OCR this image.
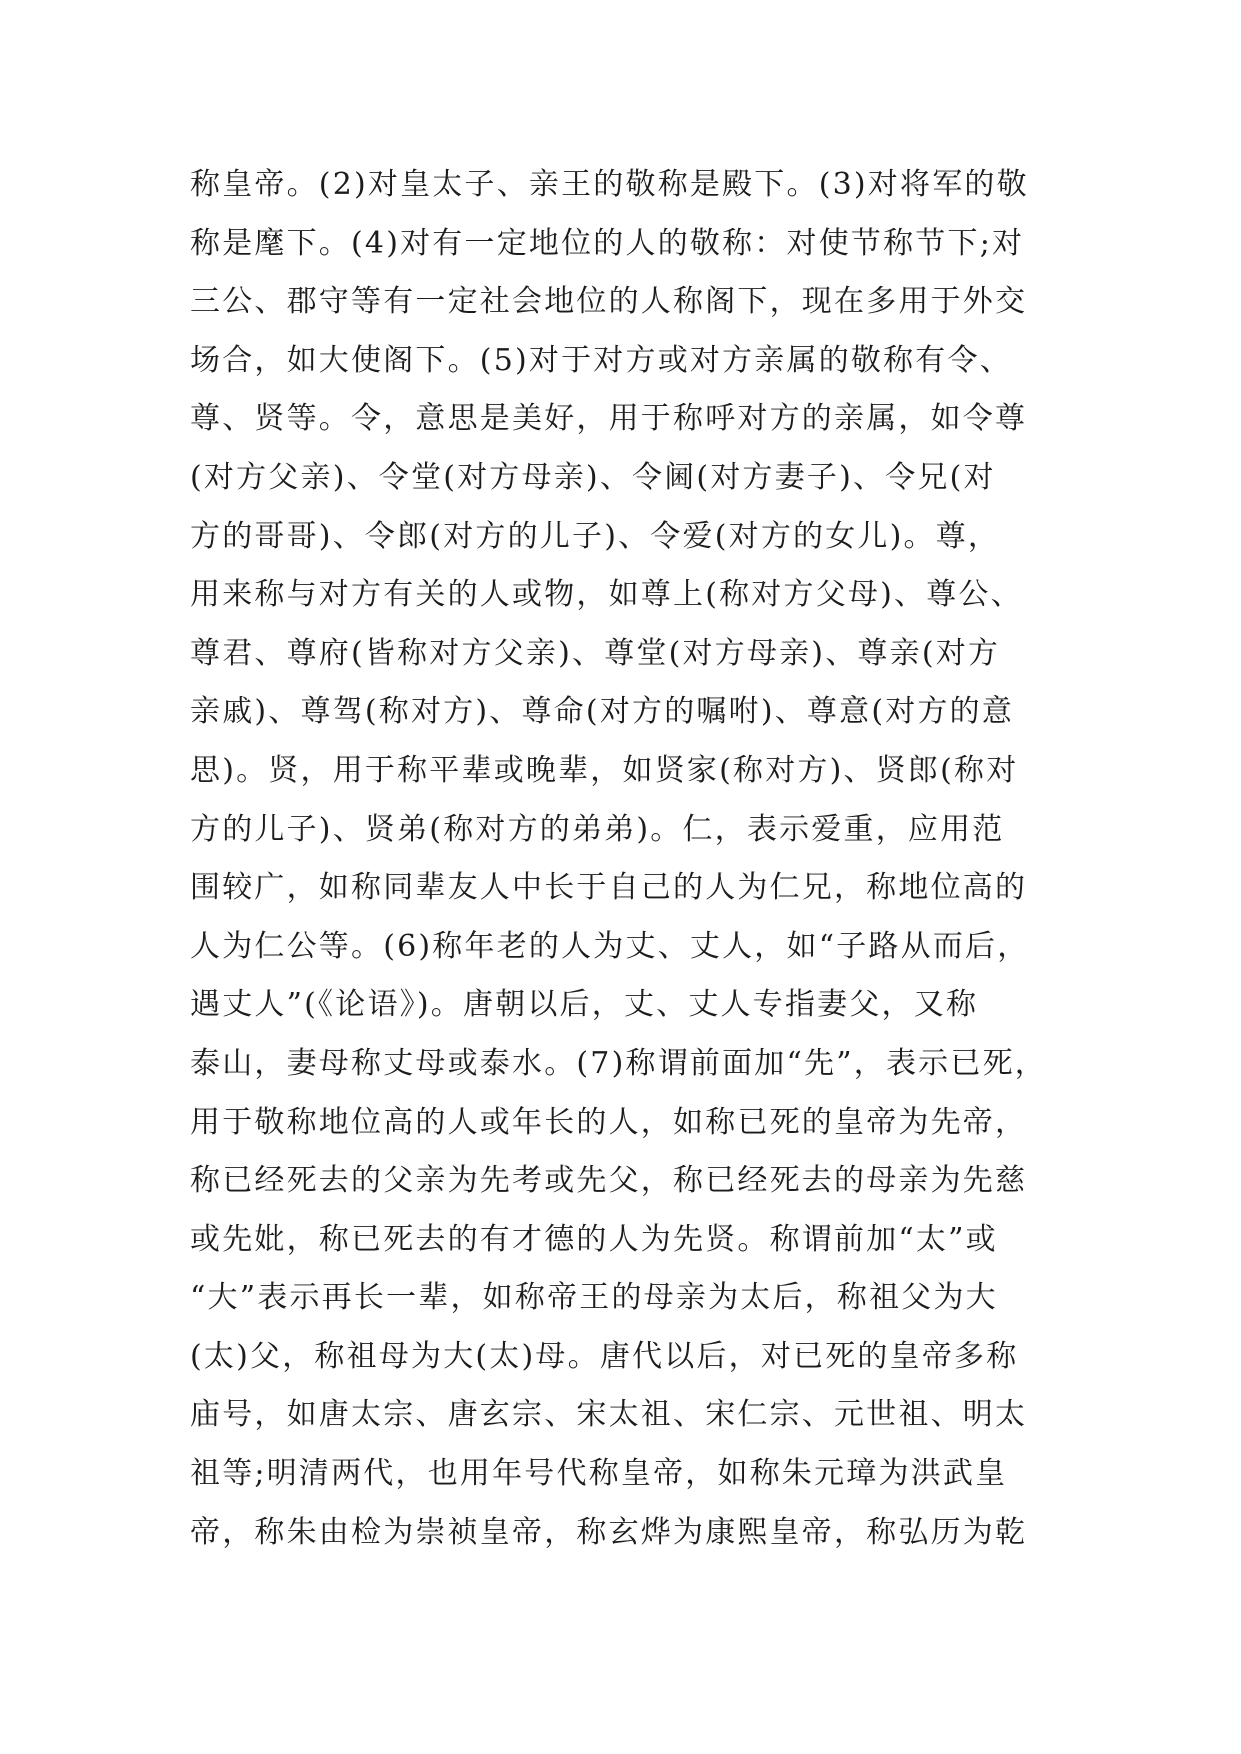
称皇帝。(2)对皇太子、亲王的敬称是殿下。(3)对将军的敬
称是麾下。(4)对有一定地位的人的敬称：对使节称节下;对
三公、郡守等有一定社会地位的人称阁下，现在多用于外交
场合，如大使阁下。(5)对于对方或对方亲属的敬称有令、
尊、贤等。令，意思是美好，用于称呼对方的亲属，如令尊
(对方父亲)、令堂(对方母亲)、令阃(对方妻子)、令兄(对
方的哥哥)、令郎(对方的儿子)、令爱(对方的女儿)。尊，
用来称与对方有关的人或物，如尊上(称对方父母)、尊公、
尊君、尊府(皆称对方父亲)、尊堂(对方母亲)、尊亲(对方
亲戚)、尊驾(称对方)、尊命(对方的嘱咐)、尊意(对方的意
思)。贤，用于称平辈或晚辈，如贤家(称对方)、贤郎(称对
方的儿子)、贤弟(称对方的弟弟)。仁，表示爱重，应用范
围较广，如称同辈友人中长于自己的人为仁兄，称地位高的
人为仁公等。(6)称年老的人为丈、丈人，如“子路从而后，
遇丈人”(《论语》)。唐朝以后，丈、丈人专指妻父，又称
泰山，妻母称丈母或泰水。(7)称谓前面加“先”，表示已死，
用于敬称地位高的人或年长的人，如称已死的皇帝为先帝，
称已经死去的父亲为先考或先父，称已经死去的母亲为先慈
或先妣，称已死去的有才德的人为先贤。称谓前加“太”或
“大”表示再长一辈，如称帝王的母亲为太后，称祖父为大
(太)父，称祖母为大(太)母。唐代以后，对已死的皇帝多称
庙号，如唐太宗、唐玄宗、宋太祖、宋仁宗、元世祖、明太
祖等;明清两代，也用年号代称皇帝，如称朱元璋为洪武皇
帝，称朱由检为崇祯皇帝，称玄烨为康熙皇帝，称弘历为乾
